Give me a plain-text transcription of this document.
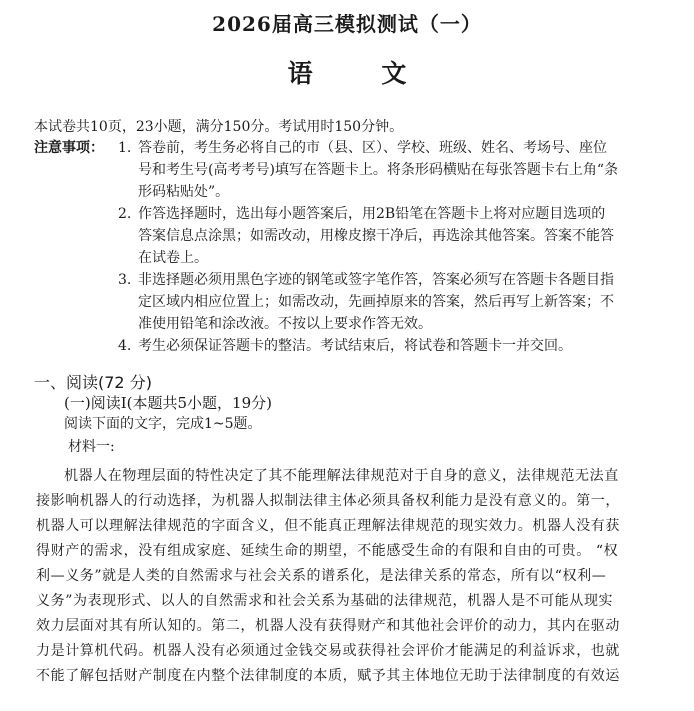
2026届高三模拟测试（一）
语 文
本试卷共10页，23小题，满分150分。考试用时150分钟。
注意事项： 1. 答卷前，考生务必将自己的市（县、区）、学校、班级、姓名、考场号、座位
号和考生号(高考考号)填写在答题卡上。将条形码横贴在每张答题卡右上角“条
形码粘贴处”。
2. 作答选择题时，选出每小题答案后，用2B铅笔在答题卡上将对应题目选项的
答案信息点涂黑；如需改动，用橡皮擦干净后，再选涂其他答案。答案不能答
在试卷上。
3. 非选择题必须用黑色字迹的钢笔或签字笔作答，答案必须写在答题卡各题目指
定区域内相应位置上；如需改动，先画掉原来的答案，然后再写上新答案；不
准使用铅笔和涂改液。不按以上要求作答无效。
4. 考生必须保证答题卡的整洁。考试结束后，将试卷和答题卡一并交回。
一、阅读(72 分)
(一)阅读I(本题共5小题，19分)
阅读下面的文字，完成1~5题。
材料一:
机器人在物理层面的特性决定了其不能理解法律规范对于自身的意义，法律规范无法直
接影响机器人的行动选择，为机器人拟制法律主体必须具备权利能力是没有意义的。第一，
机器人可以理解法律规范的字面含义，但不能真正理解法律规范的现实效力。机器人没有获
得财产的需求，没有组成家庭、延续生命的期望，不能感受生命的有限和自由的可贵。 “权
利—义务”就是人类的自然需求与社会关系的谱系化，是法律关系的常态，所有以“权利—
义务”为表现形式、以人的自然需求和社会关系为基础的法律规范，机器人是不可能从现实
效力层面对其有所认知的。第二，机器人没有获得财产和其他社会评价的动力，其内在驱动
力是计算机代码。机器人没有必须通过金钱交易或获得社会评价才能满足的利益诉求，也就
不能了解包括财产制度在内整个法律制度的本质，赋予其主体地位无助于法律制度的有效运
